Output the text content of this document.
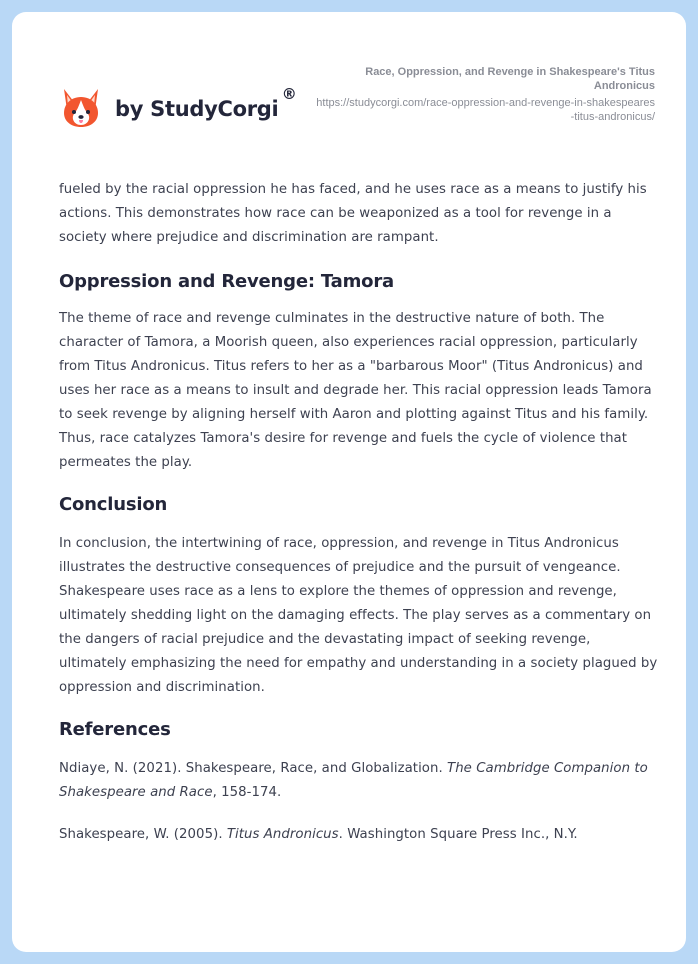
by StudyCorgi
®
Race, Oppression, and Revenge in Shakespeare's Titus Andronicus
https://studycorgi.com/race-oppression-and-revenge-in-shakespeares-titus-andronicus/

fueled by the racial oppression he has faced, and he uses race as a means to justify his actions. This demonstrates how race can be weaponized as a tool for revenge in a society where prejudice and discrimination are rampant.

Oppression and Revenge: Tamora

The theme of race and revenge culminates in the destructive nature of both. The character of Tamora, a Moorish queen, also experiences racial oppression, particularly from Titus Andronicus. Titus refers to her as a "barbarous Moor" (Titus Andronicus) and uses her race as a means to insult and degrade her. This racial oppression leads Tamora to seek revenge by aligning herself with Aaron and plotting against Titus and his family. Thus, race catalyzes Tamora's desire for revenge and fuels the cycle of violence that permeates the play.

Conclusion

In conclusion, the intertwining of race, oppression, and revenge in Titus Andronicus illustrates the destructive consequences of prejudice and the pursuit of vengeance. Shakespeare uses race as a lens to explore the themes of oppression and revenge, ultimately shedding light on the damaging effects. The play serves as a commentary on the dangers of racial prejudice and the devastating impact of seeking revenge, ultimately emphasizing the need for empathy and understanding in a society plagued by oppression and discrimination.

References

Ndiaye, N. (2021). Shakespeare, Race, and Globalization. The Cambridge Companion to Shakespeare and Race, 158-174.

Shakespeare, W. (2005). Titus Andronicus. Washington Square Press Inc., N.Y.
